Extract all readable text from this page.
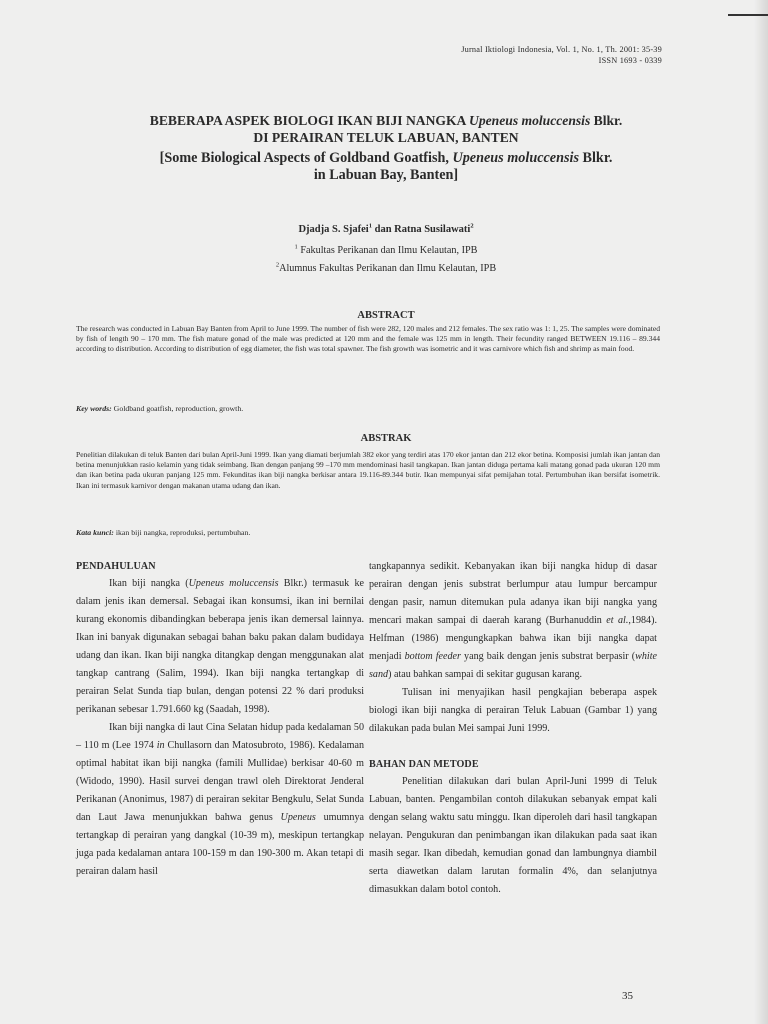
Jurnal Iktiologi Indonesia, Vol. 1, No. 1, Th. 2001: 35-39
ISSN 1693 - 0339
BEBERAPA ASPEK BIOLOGI IKAN BIJI NANGKA Upeneus moluccensis Blkr.
DI PERAIRAN TELUK LABUAN, BANTEN
[Some Biological Aspects of Goldband Goatfish, Upeneus moluccensis Blkr.
in Labuan Bay, Banten]
Djadja S. Sjafei$^1$ dan Ratna Susilawati$^2$
$^1$ Fakultas Perikanan dan Ilmu Kelautan, IPB
$^2$Alumnus Fakultas Perikanan dan Ilmu Kelautan, IPB
ABSTRACT
The research was conducted in Labuan Bay Banten from April to June 1999. The number of fish were 282, 120 males and 212 females. The sex ratio was 1: 1, 25. The samples were dominated by fish of length 90 – 170 mm. The fish mature gonad of the male was predicted at 120 mm and the female was 125 mm in length. Their fecundity ranged BETWEEN 19.116 – 89.344 according to distribution. According to distribution of egg diameter, the fish was total spawner. The fish growth was isometric and it was carnivore which fish and shrimp as main food.
Key words: Goldband goatfish, reproduction, growth.
ABSTRAK
Penelitian dilakukan di teluk Banten dari bulan April-Juni 1999. Ikan yang diamati berjumlah 382 ekor yang terdiri atas 170 ekor jantan dan 212 ekor betina. Komposisi jumlah ikan jantan dan betina menunjukkan rasio kelamin yang tidak seimbang. Ikan dengan panjang 99 –170 mm mendominasi hasil tangkapan. Ikan jantan diduga pertama kali matang gonad pada ukuran 120 mm dan ikan betina pada ukuran panjang 125 mm. Fekunditas ikan biji nangka berkisar antara 19.116-89.344 butir. Ikan mempunyai sifat pemijahan total. Pertumbuhan ikan bersifat isometrik. Ikan ini termasuk karnivor dengan makanan utama udang dan ikan.
Kata kunci: ikan biji nangka, reproduksi, pertumbuhan.
PENDAHULUAN

Ikan biji nangka (Upeneus moluccensis Blkr.) termasuk ke dalam jenis ikan demersal. Sebagai ikan konsumsi, ikan ini bernilai kurang ekonomis dibandingkan beberapa jenis ikan demersal lainnya. Ikan ini banyak digunakan sebagai bahan baku pakan dalam budidaya udang dan ikan. Ikan biji nangka ditangkap dengan menggunakan alat tangkap cantrang (Salim, 1994). Ikan biji nangka tertangkap di perairan Selat Sunda tiap bulan, dengan potensi 22 % dari produksi perikanan sebesar 1.791.660 kg (Saadah, 1998).

Ikan biji nangka di laut Cina Selatan hidup pada kedalaman 50 – 110 m (Lee 1974 in Chullasorn dan Matosubroto, 1986). Kedalaman optimal habitat ikan biji nangka (famili Mullidae) berkisar 40-60 m (Widodo, 1990). Hasil survei dengan trawl oleh Direktorat Jenderal Perikanan (Anonimus, 1987) di perairan sekitar Bengkulu, Selat Sunda dan Laut Jawa menunjukkan bahwa genus Upeneus umumnya tertangkap di perairan yang dangkal (10-39 m), meskipun tertangkap juga pada kedalaman antara 100-159 m dan 190-300 m. Akan tetapi di perairan dalam hasil

tangkapannya sedikit. Kebanyakan ikan biji nangka hidup di dasar perairan dengan jenis substrat berlumpur atau lumpur bercampur dengan pasir, namun ditemukan pula adanya ikan biji nangka yang mencari makan sampai di daerah karang (Burhanuddin et al.,1984). Helfman (1986) mengungkapkan bahwa ikan biji nangka dapat menjadi bottom feeder yang baik dengan jenis substrat berpasir (white sand) atau bahkan sampai di sekitar gugusan karang.

Tulisan ini menyajikan hasil pengkajian beberapa aspek biologi ikan biji nangka di perairan Teluk Labuan (Gambar 1) yang dilakukan pada bulan Mei sampai Juni 1999.

BAHAN DAN METODE

Penelitian dilakukan dari bulan April-Juni 1999 di Teluk Labuan, banten. Pengambilan contoh dilakukan sebanyak empat kali dengan selang waktu satu minggu. Ikan diperoleh dari hasil tangkapan nelayan. Pengukuran dan penimbangan ikan dilakukan pada saat ikan masih segar. Ikan dibedah, kemudian gonad dan lambungnya diambil serta diawetkan dalam larutan formalin 4%, dan selanjutnya dimasukkan dalam botol contoh.

35
